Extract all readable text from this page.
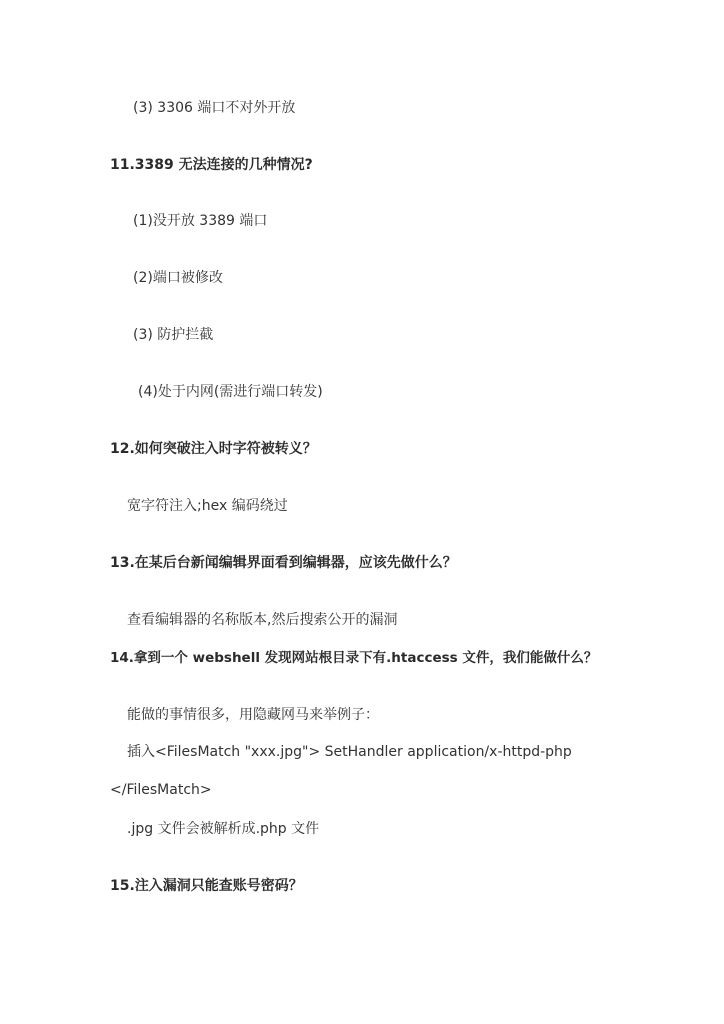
(3) 3306 端口不对外开放
11.3389 无法连接的几种情况?
(1)没开放 3389 端口
(2)端口被修改
(3) 防护拦截
(4)处于内网(需进行端口转发)
12.如何突破注入时字符被转义？
宽字符注入;hex 编码绕过
13.在某后台新闻编辑界面看到编辑器，应该先做什么？
查看编辑器的名称版本,然后搜索公开的漏洞
14.拿到一个 webshell 发现网站根目录下有.htaccess 文件，我们能做什么？
能做的事情很多，用隐藏网马来举例子：
插入<FilesMatch "xxx.jpg"> SetHandler application/x-httpd-php
</FilesMatch>
.jpg 文件会被解析成.php 文件
15.注入漏洞只能查账号密码？
